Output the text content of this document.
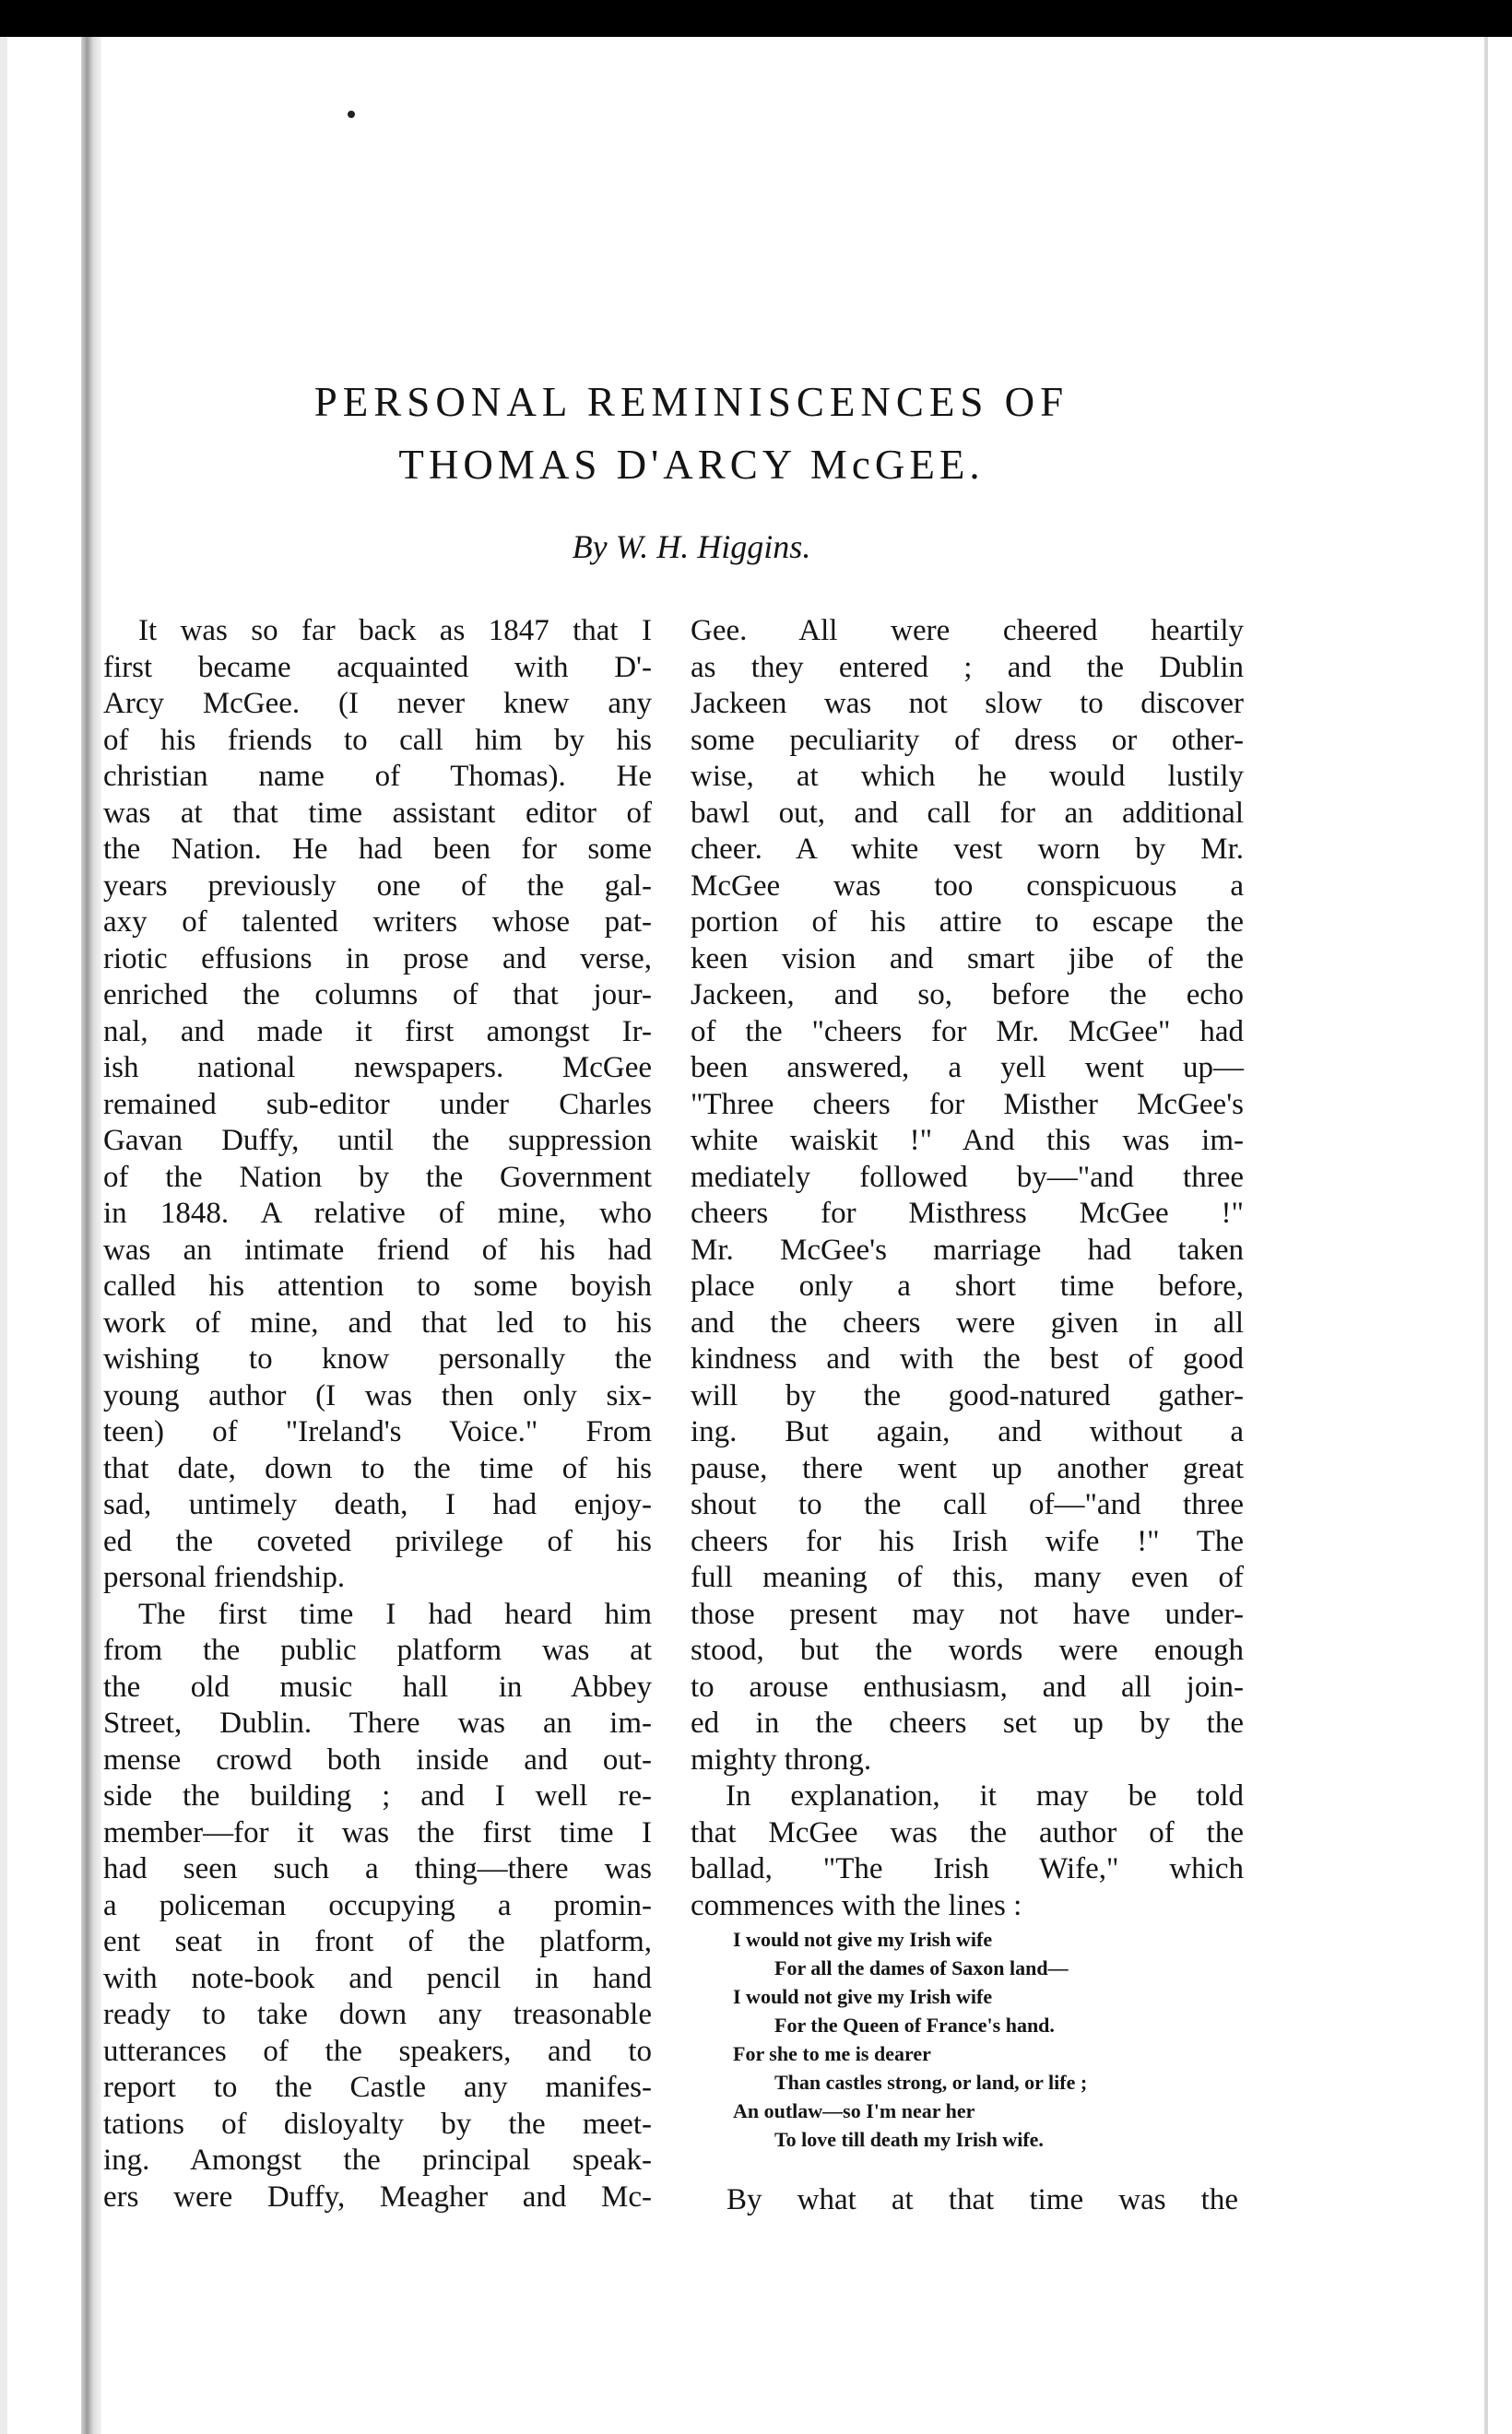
PERSONAL REMINISCENCES OF
THOMAS D'ARCY McGEE.
By W. H. Higgins.
It was so far back as 1847 that I
first became acquainted with D'-
Arcy McGee. (I never knew any
of his friends to call him by his
christian name of Thomas). He
was at that time assistant editor of
the Nation. He had been for some
years previously one of the gal-
axy of talented writers whose pat-
riotic effusions in prose and verse,
enriched the columns of that jour-
nal, and made it first amongst Ir-
ish national newspapers. McGee
remained sub-editor under Charles
Gavan Duffy, until the suppression
of the Nation by the Government
in 1848. A relative of mine, who
was an intimate friend of his had
called his attention to some boyish
work of mine, and that led to his
wishing to know personally the
young author (I was then only six-
teen) of "Ireland's Voice." From
that date, down to the time of his
sad, untimely death, I had enjoy-
ed the coveted privilege of his
personal friendship.
The first time I had heard him
from the public platform was at
the old music hall in Abbey
Street, Dublin. There was an im-
mense crowd both inside and out-
side the building ; and I well re-
member—for it was the first time I
had seen such a thing—there was
a policeman occupying a promin-
ent seat in front of the platform,
with note-book and pencil in hand
ready to take down any treasonable
utterances of the speakers, and to
report to the Castle any manifes-
tations of disloyalty by the meet-
ing. Amongst the principal speak-
ers were Duffy, Meagher and Mc-
Gee. All were cheered heartily
as they entered ; and the Dublin
Jackeen was not slow to discover
some peculiarity of dress or other-
wise, at which he would lustily
bawl out, and call for an additional
cheer. A white vest worn by Mr.
McGee was too conspicuous a
portion of his attire to escape the
keen vision and smart jibe of the
Jackeen, and so, before the echo
of the "cheers for Mr. McGee" had
been answered, a yell went up—
"Three cheers for Misther McGee's
white waiskit !" And this was im-
mediately followed by—"and three
cheers for Misthress McGee !"
Mr. McGee's marriage had taken
place only a short time before,
and the cheers were given in all
kindness and with the best of good
will by the good-natured gather-
ing. But again, and without a
pause, there went up another great
shout to the call of—"and three
cheers for his Irish wife !" The
full meaning of this, many even of
those present may not have under-
stood, but the words were enough
to arouse enthusiasm, and all join-
ed in the cheers set up by the
mighty throng.
In explanation, it may be told
that McGee was the author of the
ballad, "The Irish Wife," which
commences with the lines :
I would not give my Irish wife
For all the dames of Saxon land—
I would not give my Irish wife
For the Queen of France's hand.
For she to me is dearer
Than castles strong, or land, or life ;
An outlaw—so I'm near her
To love till death my Irish wife.
By what at that time was the
